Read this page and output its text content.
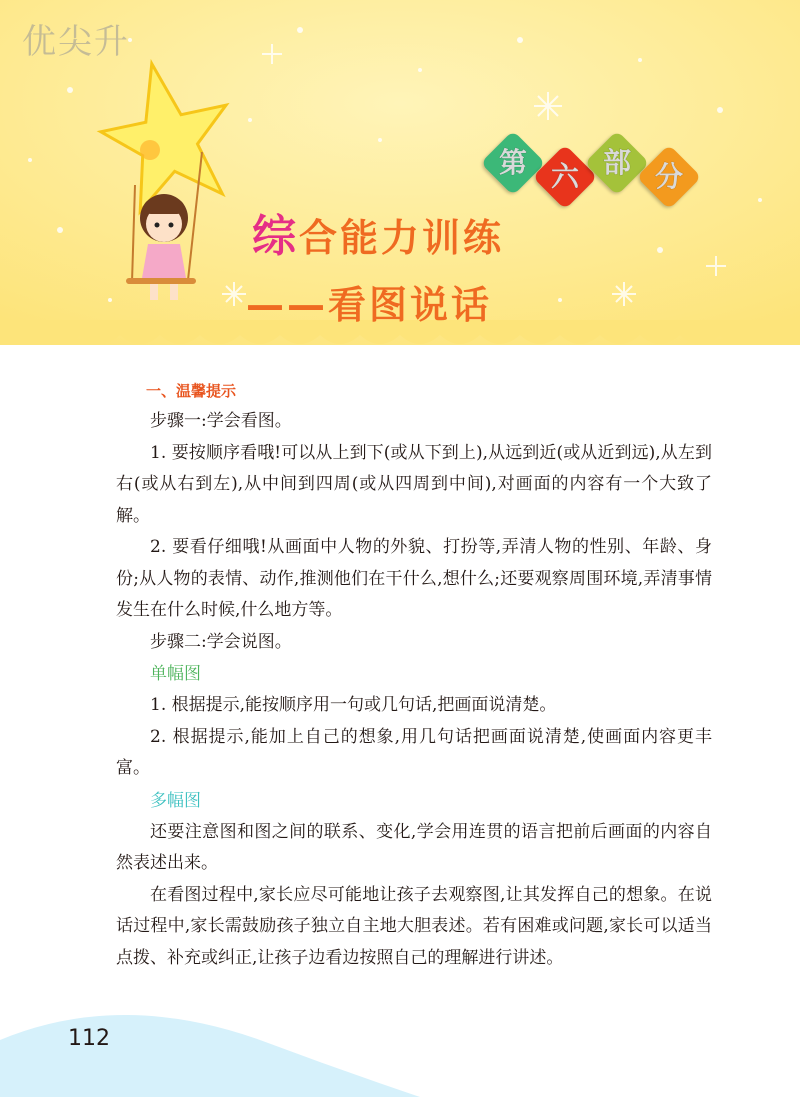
优尖升
第 六 部 分
综合能力训练
——看图说话
一、温馨提示

步骤一:学会看图。

1. 要按顺序看哦!可以从上到下(或从下到上),从远到近(或从近到远),从左到右(或从右到左),从中间到四周(或从四周到中间),对画面的内容有一个大致了解。

2. 要看仔细哦!从画面中人物的外貌、打扮等,弄清人物的性别、年龄、身份;从人物的表情、动作,推测他们在干什么,想什么;还要观察周围环境,弄清事情发生在什么时候,什么地方等。

步骤二:学会说图。

单幅图

1. 根据提示,能按顺序用一句或几句话,把画面说清楚。

2. 根据提示,能加上自己的想象,用几句话把画面说清楚,使画面内容更丰富。

多幅图

还要注意图和图之间的联系、变化,学会用连贯的语言把前后画面的内容自然表述出来。

在看图过程中,家长应尽可能地让孩子去观察图,让其发挥自己的想象。在说话过程中,家长需鼓励孩子独立自主地大胆表述。若有困难或问题,家长可以适当点拨、补充或纠正,让孩子边看边按照自己的理解进行讲述。

112
